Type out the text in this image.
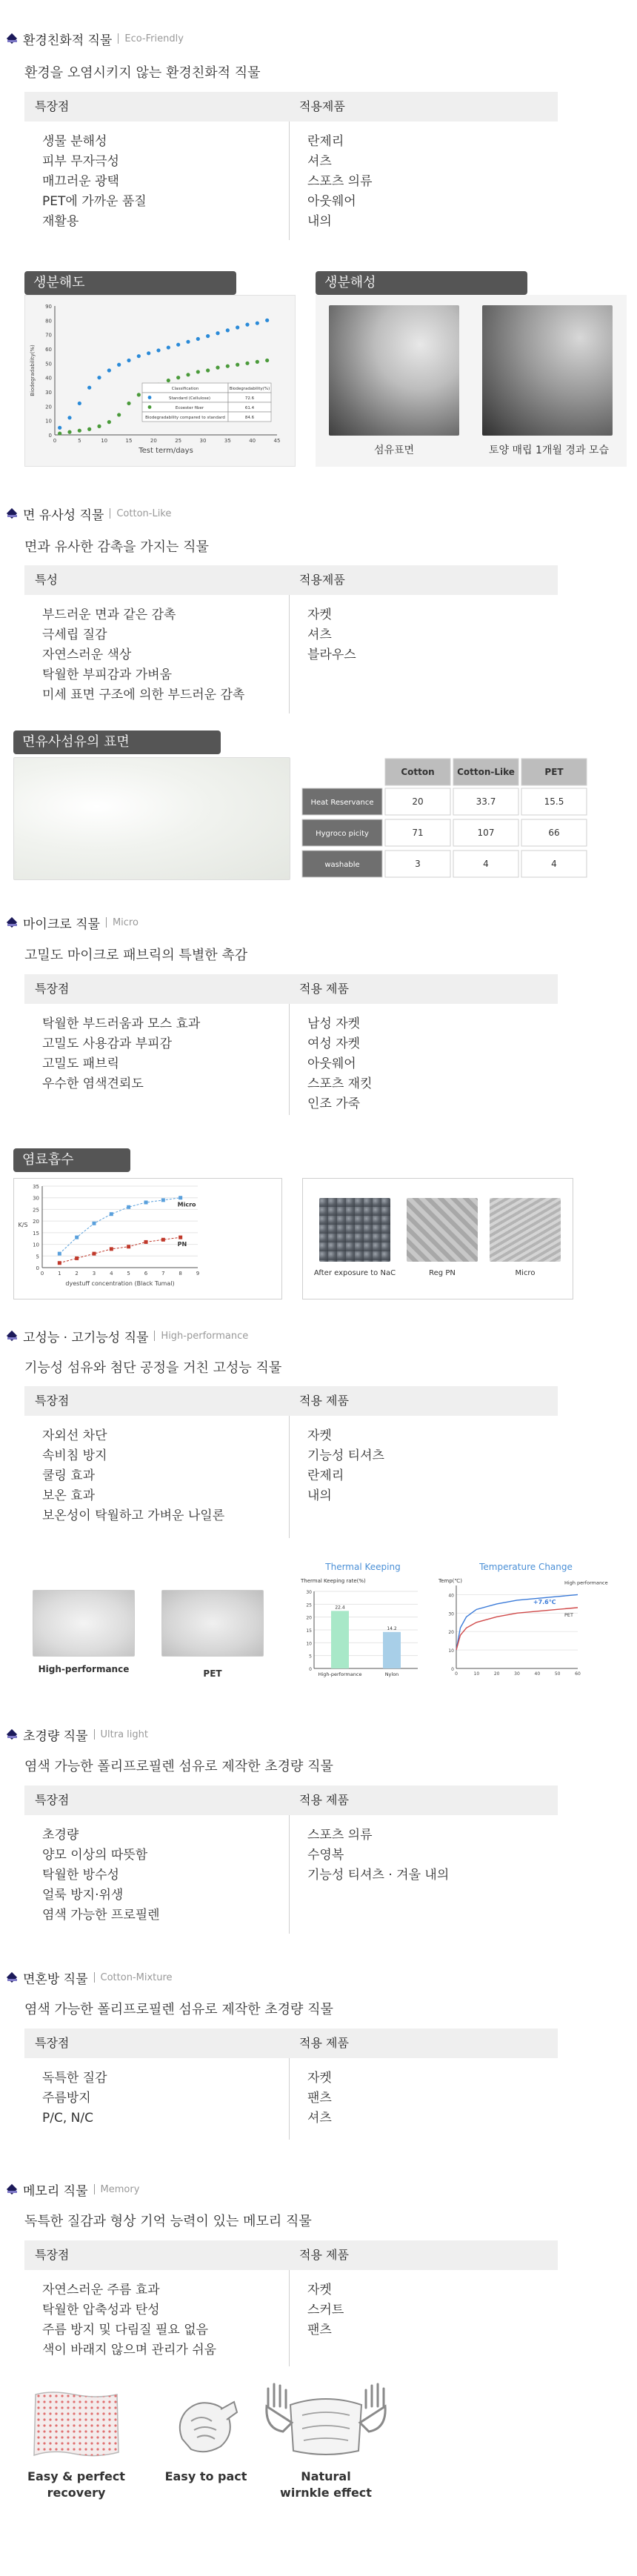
환경친화적 직물 Eco-Friendly
환경을 오염시키지 않는 환경친화적 직물
특장점	적용제품
생물 분해성
피부 무자극성
매끄러운 광택
PET에 가까운 품질
재활용
란제리
셔츠
스포츠 의류
아웃웨어
내의
생분해도
0
10
20
30
40
50
60
70
80
90
0	5	10	15	20	25	30	35	40	45
Biodegradability(%)
Test term/days
Classification	Biodegradability(%)
Standard (Cellulose)	72.6
Ecoester fiber	61.4
Biodegradability compared to standard	84.6
생분해성
섬유표면	토양 매립 1개월 경과 모습
면 유사성 직물 Cotton-Like
면과 유사한 감촉을 가지는 직물
특성	적용제품
부드러운 면과 같은 감촉
극세립 질감
자연스러운 색상
탁월한 부피감과 가벼움
미세 표면 구조에 의한 부드러운 감촉
자켓
셔츠
블라우스
면유사섬유의 표면
Cotton	Cotton-Like	PET
Heat Reservance	20	33.7	15.5
Hygroco picity	71	107	66
washable	3	4	4
마이크로 직물 Micro
고밀도 마이크로 패브릭의 특별한 촉감
특장점	적용 제품
탁월한 부드러움과 모스 효과
고밀도 사용감과 부피감
고밀도 패브릭
우수한 염색견뢰도
남성 자켓
여성 자켓
아웃웨어
스포츠 재킷
인조 가죽
염료흡수
0
5
10
15
20
25
30
35
0	1	2	3	4	5	6	7	8	9
K/S
dyestuff concentration (Black Tumal)
Micro
PN
After exposure to NaC	Reg PN	Micro
고성능 · 고기능성 직물 High-performance
기능성 섬유와 첨단 공정을 거친 고성능 직물
특장점	적용 제품
자외선 차단
속비침 방지
쿨링 효과
보온 효과
보온성이 탁월하고 가벼운 나일론
자켓
기능성 티셔츠
란제리
내의
High-performance	PET
Thermal Keeping
Thermal Keeping rate(%)
0
5
10
15
20
25
30
22.4
High-performance
14.2
Nylon
Temperature Change
Temp(℃)
0
10
20
30
40
0	10	20	30	40	50	60
High performance
PET
+7.6℃
초경량 직물 Ultra light
염색 가능한 폴리프로필렌 섬유로 제작한 초경량 직물
특장점	적용 제품
초경량
양모 이상의 따뜻함
탁월한 방수성
얼룩 방지·위생
염색 가능한 프로필렌
스포츠 의류
수영복
기능성 티셔츠 · 겨울 내의
면혼방 직물 Cotton-Mixture
염색 가능한 폴리프로필렌 섬유로 제작한 초경량 직물
특장점	적용 제품
독특한 질감
주름방지
P/C, N/C
자켓
팬츠
셔츠
메모리 직물 Memory
독특한 질감과 형상 기억 능력이 있는 메모리 직물
특장점	적용 제품
자연스러운 주름 효과
탁월한 압축성과 탄성
주름 방지 및 다림질 필요 없음
색이 바래지 않으며 관리가 쉬움
자켓
스커트
팬츠
Easy & perfect
recovery
Easy to pact	Natural
wirnkle effect
